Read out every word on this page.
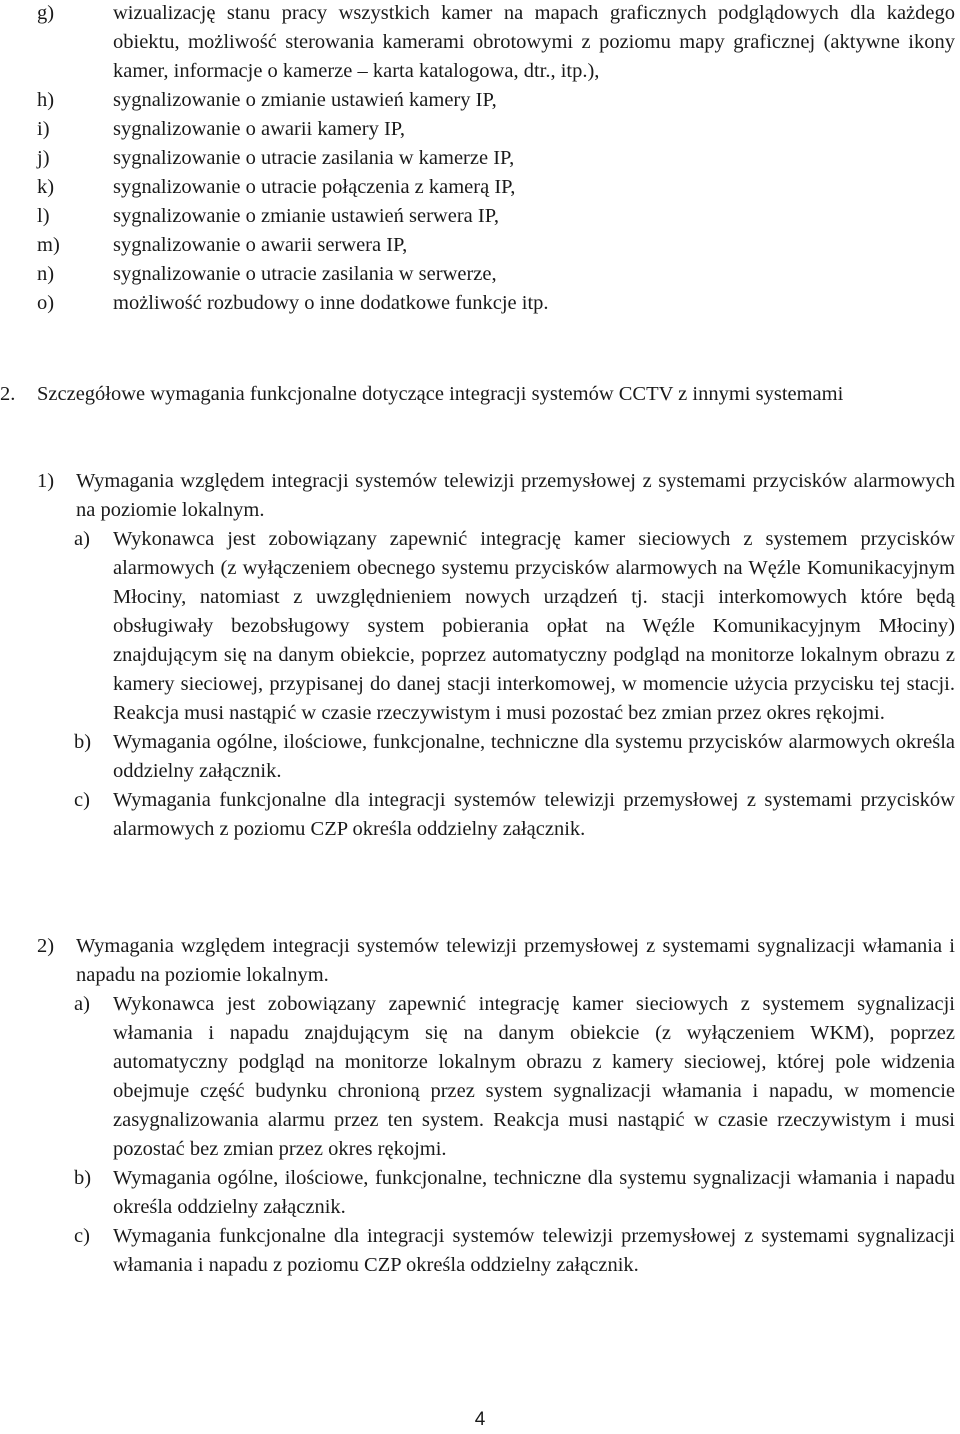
g)	wizualizację stanu pracy wszystkich kamer na mapach graficznych podglądowych dla każdego obiektu, możliwość sterowania kamerami obrotowymi z poziomu mapy graficznej (aktywne ikony kamer, informacje o kamerze – karta katalogowa, dtr., itp.),
h)	sygnalizowanie o zmianie ustawień kamery IP,
i)	sygnalizowanie o awarii kamery IP,
j)	sygnalizowanie o utracie zasilania w kamerze IP,
k)	sygnalizowanie o utracie połączenia z kamerą IP,
l)	sygnalizowanie o zmianie ustawień serwera IP,
m)	sygnalizowanie o awarii serwera IP,
n)	sygnalizowanie o utracie zasilania w serwerze,
o)	możliwość rozbudowy o inne dodatkowe funkcje itp.
2.	Szczegółowe wymagania funkcjonalne dotyczące integracji systemów CCTV z innymi systemami
1)	Wymagania względem integracji systemów telewizji przemysłowej z systemami przycisków alarmowych na poziomie lokalnym.
a)	Wykonawca jest zobowiązany zapewnić integrację kamer sieciowych z systemem przycisków alarmowych (z wyłączeniem obecnego systemu przycisków alarmowych na Węźle Komunikacyjnym Młociny, natomiast z uwzględnieniem nowych urządzeń tj. stacji interkomowych które będą obsługiwały bezobsługowy system pobierania opłat na Węźle Komunikacyjnym Młociny) znajdującym się na danym obiekcie, poprzez automatyczny podgląd na monitorze lokalnym obrazu z kamery sieciowej, przypisanej do danej stacji interkomowej, w momencie użycia przycisku tej stacji. Reakcja musi nastąpić w czasie rzeczywistym i musi pozostać bez zmian przez okres rękojmi.
b)	Wymagania ogólne, ilościowe, funkcjonalne, techniczne dla systemu przycisków alarmowych określa oddzielny załącznik.
c)	Wymagania funkcjonalne dla integracji systemów telewizji przemysłowej z systemami przycisków alarmowych z poziomu CZP określa oddzielny załącznik.
2)	Wymagania względem integracji systemów telewizji przemysłowej z systemami sygnalizacji włamania i napadu na poziomie lokalnym.
a)	Wykonawca jest zobowiązany zapewnić integrację kamer sieciowych z systemem sygnalizacji włamania i napadu znajdującym się na danym obiekcie (z wyłączeniem WKM), poprzez automatyczny podgląd na monitorze lokalnym obrazu z kamery sieciowej, której pole widzenia obejmuje część budynku chronioną przez system sygnalizacji włamania i napadu, w momencie zasygnalizowania alarmu przez ten system. Reakcja musi nastąpić w czasie rzeczywistym i musi pozostać bez zmian przez okres rękojmi.
b)	Wymagania ogólne, ilościowe, funkcjonalne, techniczne dla systemu sygnalizacji włamania i napadu określa oddzielny załącznik.
c)	Wymagania funkcjonalne dla integracji systemów telewizji przemysłowej z systemami sygnalizacji włamania i napadu z poziomu CZP określa oddzielny załącznik.
4
